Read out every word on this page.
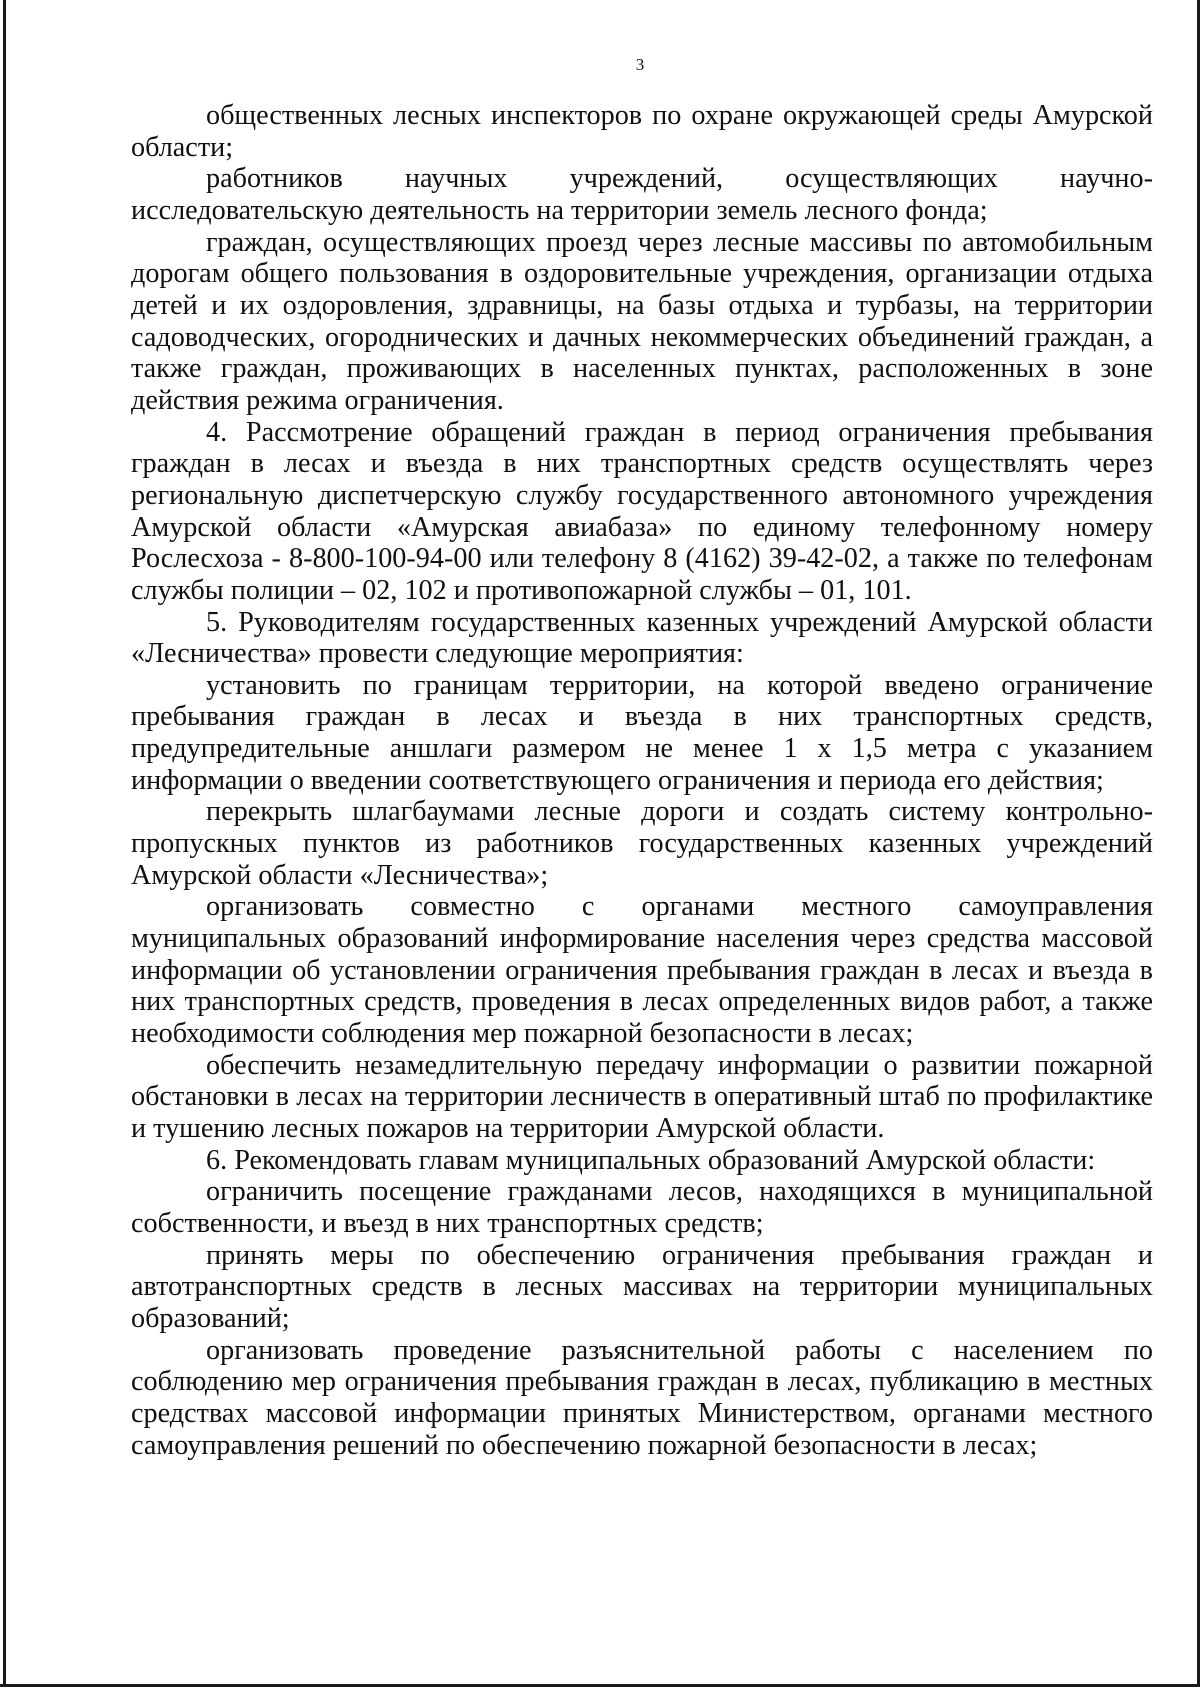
3

общественных лесных инспекторов по охране окружающей среды Амурской области;

работников научных учреждений, осуществляющих научно-исследовательскую деятельность на территории земель лесного фонда;

граждан, осуществляющих проезд через лесные массивы по автомобильным дорогам общего пользования в оздоровительные учреждения, организации отдыха детей и их оздоровления, здравницы, на базы отдыха и турбазы, на территории садоводческих, огороднических и дачных некоммерческих объединений граждан, а также граждан, проживающих в населенных пунктах, расположенных в зоне действия режима ограничения.

4. Рассмотрение обращений граждан в период ограничения пребывания граждан в лесах и въезда в них транспортных средств осуществлять через региональную диспетчерскую службу государственного автономного учреждения Амурской области «Амурская авиабаза» по единому телефонному номеру Рослесхоза - 8-800-100-94-00 или телефону 8 (4162) 39-42-02, а также по телефонам службы полиции – 02, 102 и противопожарной службы – 01, 101.

5. Руководителям государственных казенных учреждений Амурской области «Лесничества» провести следующие мероприятия:

установить по границам территории, на которой введено ограничение пребывания граждан в лесах и въезда в них транспортных средств, предупредительные аншлаги размером не менее 1 x 1,5 метра с указанием информации о введении соответствующего ограничения и периода его действия;

перекрыть шлагбаумами лесные дороги и создать систему контрольно-пропускных пунктов из работников государственных казенных учреждений Амурской области «Лесничества»;

организовать совместно с органами местного самоуправления муниципальных образований информирование населения через средства массовой информации об установлении ограничения пребывания граждан в лесах и въезда в них транспортных средств, проведения в лесах определенных видов работ, а также необходимости соблюдения мер пожарной безопасности в лесах;

обеспечить незамедлительную передачу информации о развитии пожарной обстановки в лесах на территории лесничеств в оперативный штаб по профилактике и тушению лесных пожаров на территории Амурской области.

6. Рекомендовать главам муниципальных образований Амурской области:

ограничить посещение гражданами лесов, находящихся в муниципальной собственности, и въезд в них транспортных средств;

принять меры по обеспечению ограничения пребывания граждан и автотранспортных средств в лесных массивах на территории муниципальных образований;

организовать проведение разъяснительной работы с населением по соблюдению мер ограничения пребывания граждан в лесах, публикацию в местных средствах массовой информации принятых Министерством, органами местного самоуправления решений по обеспечению пожарной безопасности в лесах;
